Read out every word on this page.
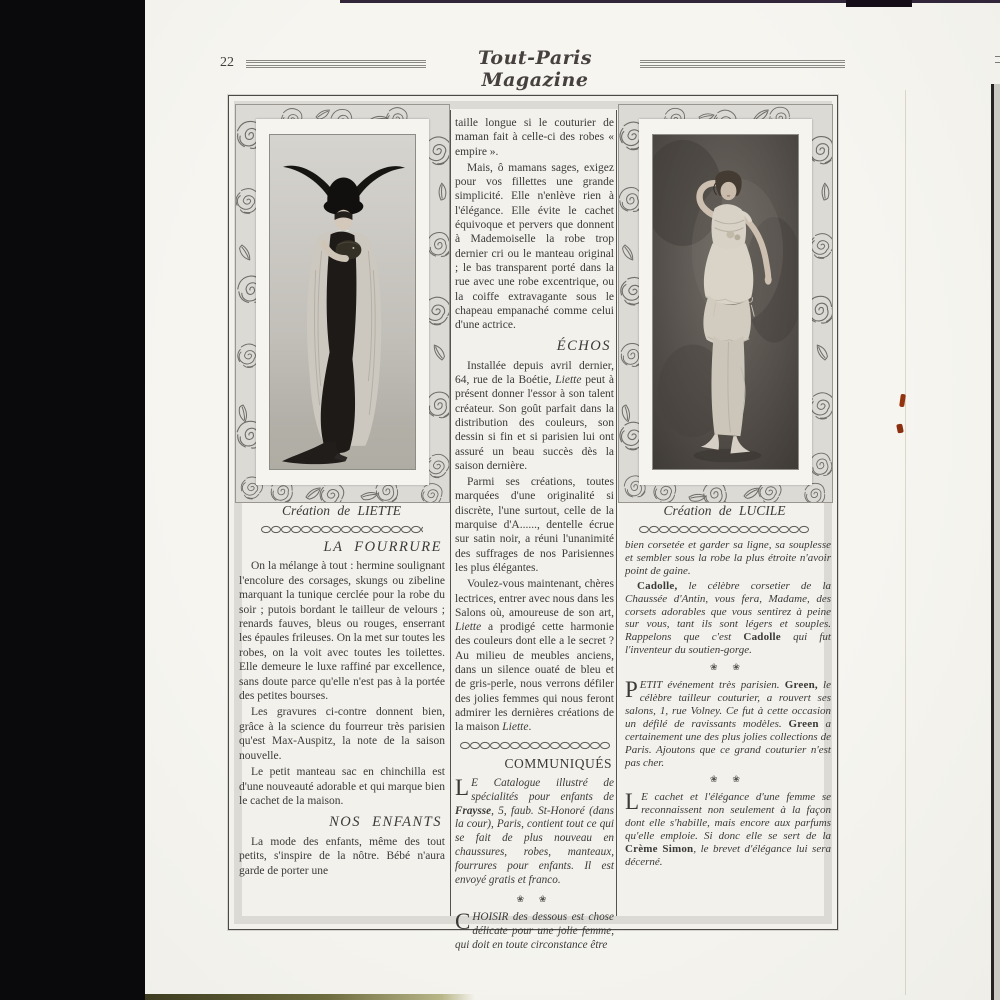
22	Tout-Paris Magazine
Création de LIETTE	Création de LUCILE
LA FOURRURE

On la mélange à tout : hermine soulignant l'encolure des corsages, skungs ou zibeline marquant la tunique cerclée pour la robe du soir ; putois bordant le tailleur de velours ; renards fauves, bleus ou rouges, enserrant les épaules frileuses. On la met sur toutes les robes, on la voit avec toutes les toilettes. Elle demeure le luxe raffiné par excellence, sans doute parce qu'elle n'est pas à la portée des petites bourses.

Les gravures ci-contre donnent bien, grâce à la science du fourreur très parisien qu'est Max-Auspitz, la note de la saison nouvelle.

Le petit manteau sac en chinchilla est d'une nouveauté adorable et qui marque bien le cachet de la maison.

NOS ENFANTS

La mode des enfants, même des tout petits, s'inspire de la nôtre. Bébé n'aura garde de porter une

taille longue si le couturier de maman fait à celle-ci des robes « empire ».

Mais, ô mamans sages, exigez pour vos fillettes une grande simplicité. Elle n'enlève rien à l'élégance. Elle évite le cachet équivoque et pervers que donnent à Mademoiselle la robe trop dernier cri ou le manteau original ; le bas transparent porté dans la rue avec une robe excentrique, ou la coiffe extravagante sous le chapeau empanaché comme celui d'une actrice.

ÉCHOS

Installée depuis avril dernier, 64, rue de la Boétie, Liette peut à présent donner l'essor à son talent créateur. Son goût parfait dans la distribution des couleurs, son dessin si fin et si parisien lui ont assuré un beau succès dès la saison dernière.

Parmi ses créations, toutes marquées d'une originalité si discrète, l'une surtout, celle de la marquise d'A......, dentelle écrue sur satin noir, a réuni l'unanimité des suffrages de nos Parisiennes les plus élégantes.

Voulez-vous maintenant, chères lectrices, entrer avec nous dans les Salons où, amoureuse de son art, Liette a prodigé cette harmonie des couleurs dont elle a le secret ? Au milieu de meubles anciens, dans un silence ouaté de bleu et de gris-perle, nous verrons défiler des jolies femmes qui nous feront admirer les dernières créations de la maison Liette.

COMMUNIQUÉS

L E Catalogue illustré de spécialités pour enfants de Fraysse, 5, faub. St-Honoré (dans la cour), Paris, contient tout ce qui se fait de plus nouveau en chaussures, robes, manteaux, fourrures pour enfants. Il est envoyé gratis et franco.

❀ ❀

CHOISIR des dessous est chose délicate pour une jolie femme, qui doit en toute circonstance être

bien corsetée et garder sa ligne, sa souplesse et sembler sous la robe la plus étroite n'avoir point de gaine.

Cadolle, le célèbre corsetier de la Chaussée d'Antin, vous fera, Madame, des corsets adorables que vous sentirez à peine sur vous, tant ils sont légers et souples. Rappelons que c'est Cadolle qui fut l'inventeur du soutien-gorge.

❀ ❀

PETIT événement très parisien. Green, le célèbre tailleur couturier, a rouvert ses salons, 1, rue Volney. Ce fut à cette occasion un défilé de ravissants modèles. Green a certainement une des plus jolies collections de Paris. Ajoutons que ce grand couturier n'est pas cher.

❀ ❀

L E cachet et l'élégance d'une femme se reconnaissent non seulement à la façon dont elle s'habille, mais encore aux parfums qu'elle emploie. Si donc elle se sert de la Crème Simon, le brevet d'élégance lui sera décerné.
